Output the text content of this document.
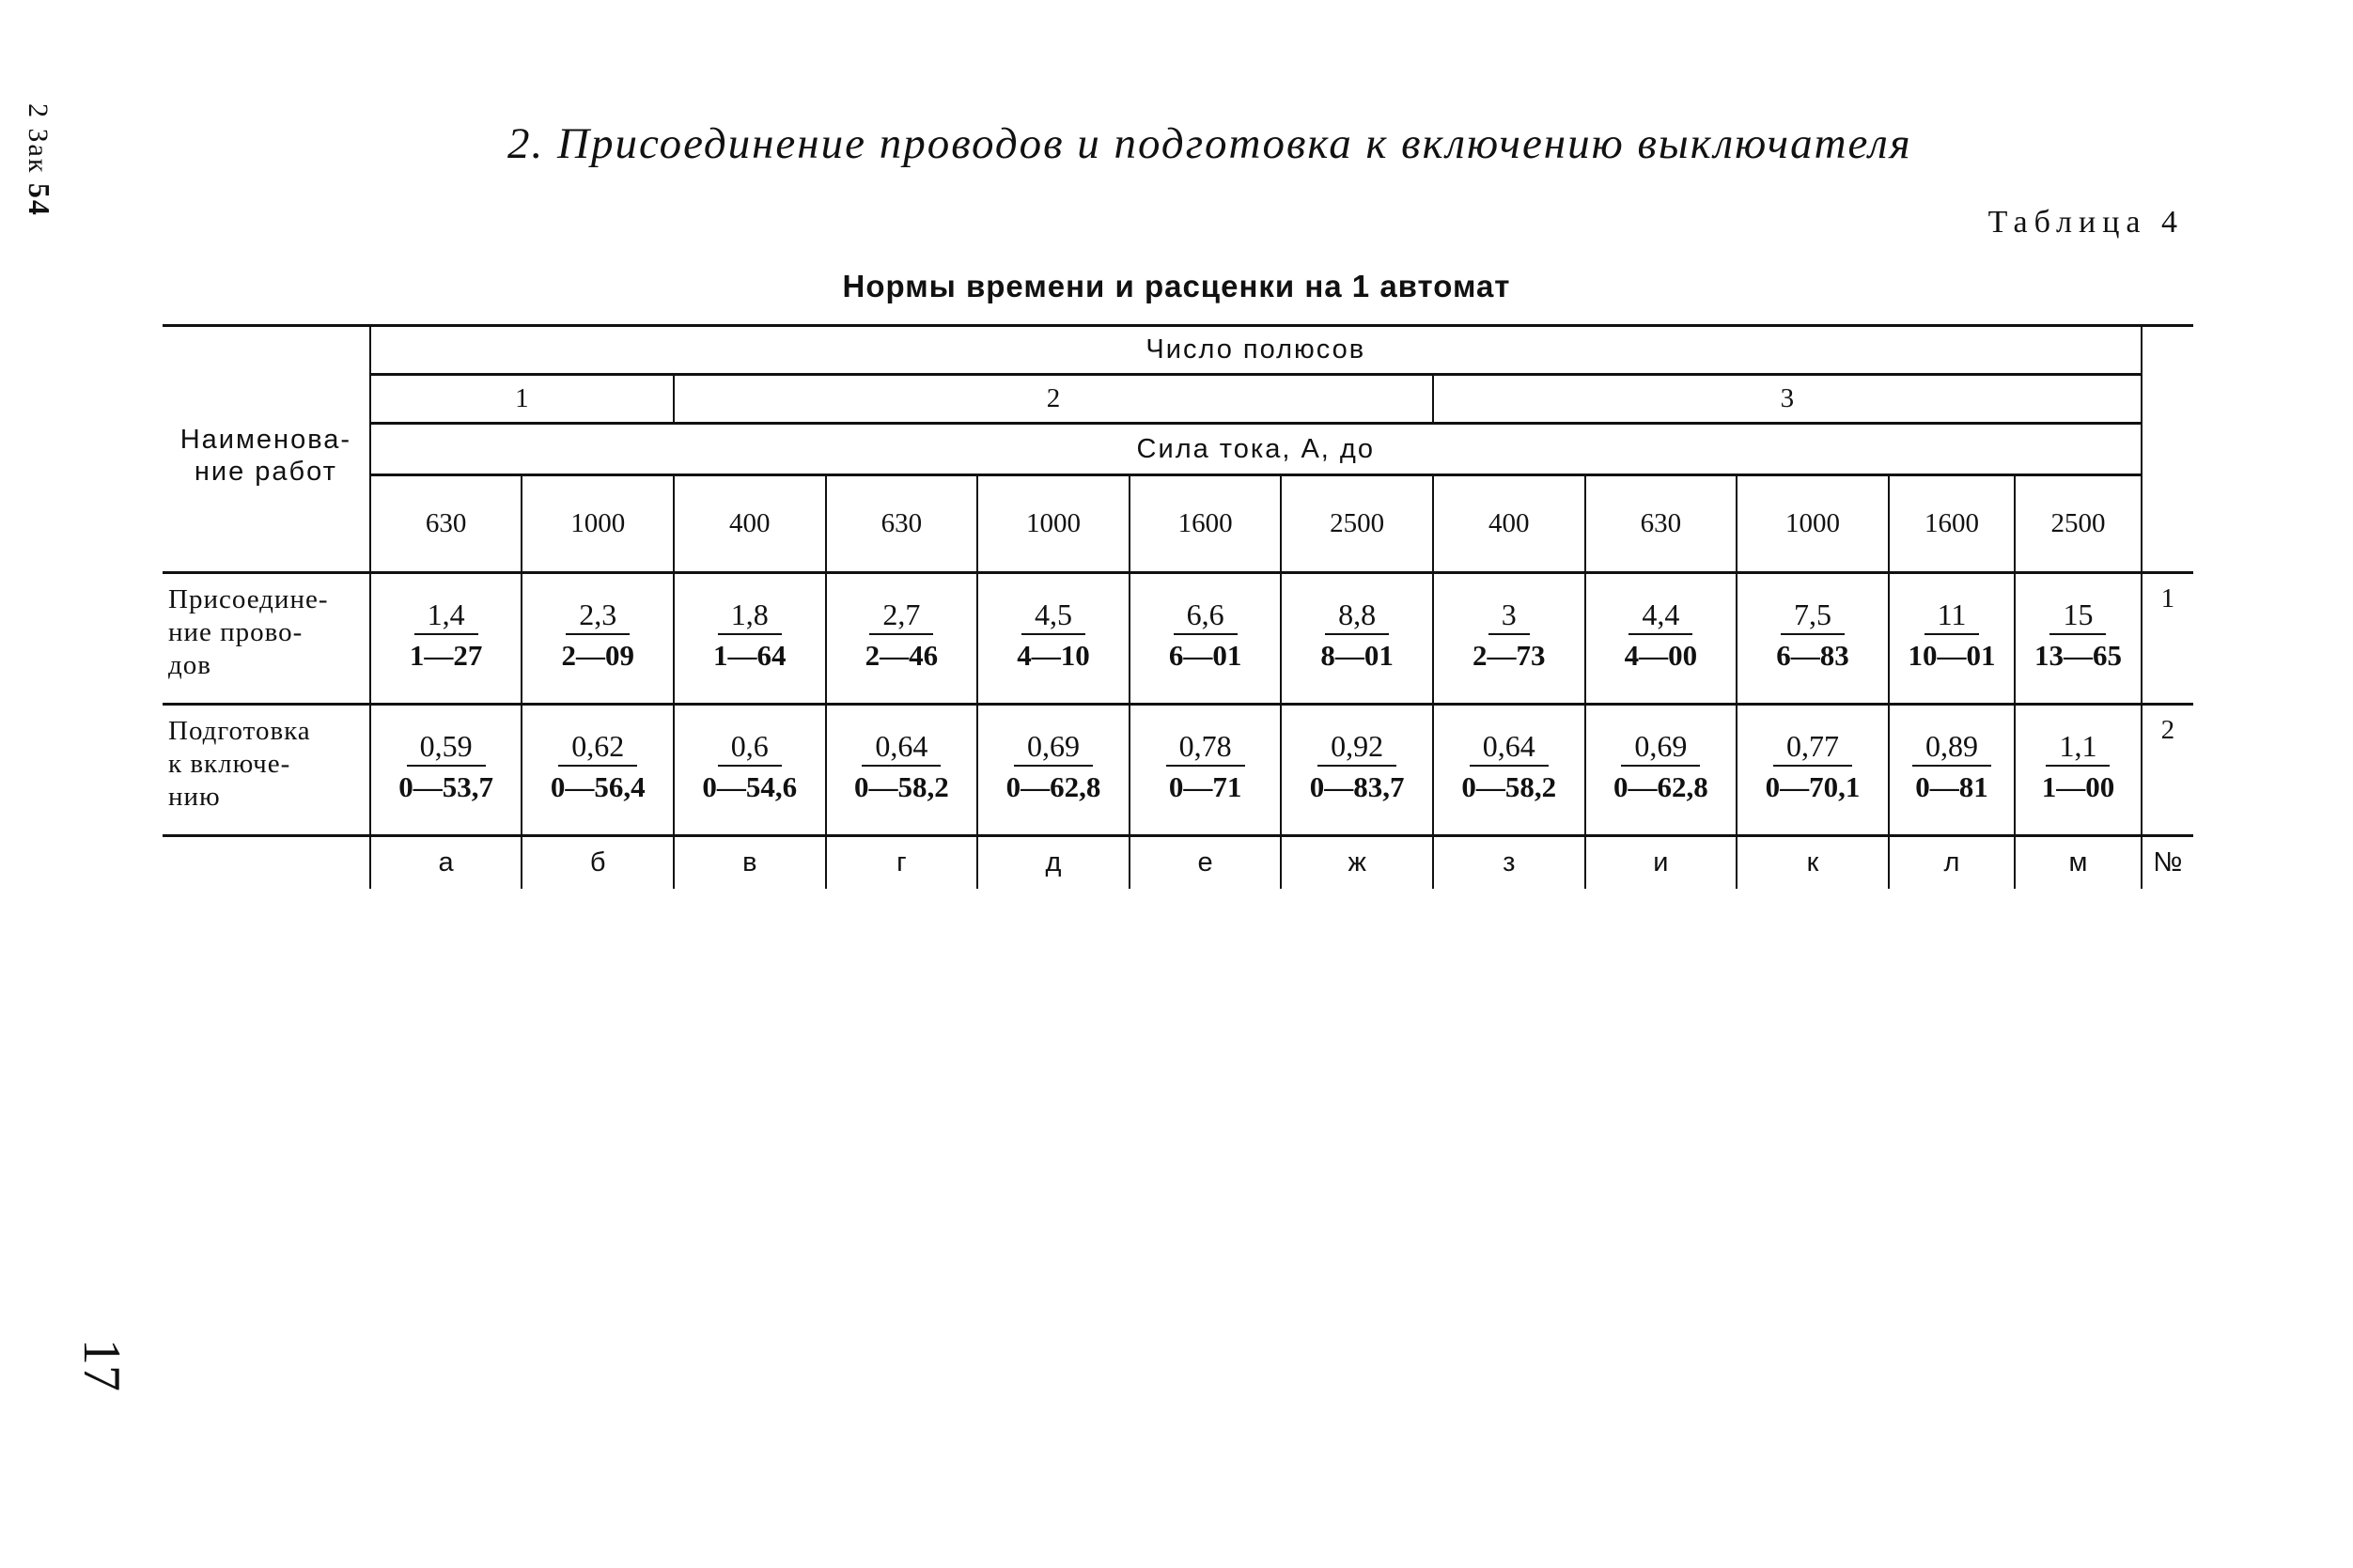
2 Зак 54
17
2. Присоединение проводов и подготовка к включению выключателя
Таблица 4
Нормы времени и расценки на 1 автомат
Наименова-
ние работ	Число полюсов												
	1		2					3					
	Сила тока, А, до												
	630	1000	400	630	1000	1600	2500	400	630	1000	1600	2500	
Присоедине-
ние прово-
дов	$\frac{1,4}{1—27}$	$\frac{2,3}{2—09}$	$\frac{1,8}{1—64}$	$\frac{2,7}{2—46}$	$\frac{4,5}{4—10}$	$\frac{6,6}{6—01}$	$\frac{8,8}{8—01}$	$\frac{3}{2—73}$	$\frac{4,4}{4—00}$	$\frac{7,5}{6—83}$	$\frac{11}{10—01}$	$\frac{15}{13—65}$	1
Подготовка
к включе-
нию	$\frac{0,59}{0—53,7}$	$\frac{0,62}{0—56,4}$	$\frac{0,6}{0—54,6}$	$\frac{0,64}{0—58,2}$	$\frac{0,69}{0—62,8}$	$\frac{0,78}{0—71}$	$\frac{0,92}{0—83,7}$	$\frac{0,64}{0—58,2}$	$\frac{0,69}{0—62,8}$	$\frac{0,77}{0—70,1}$	$\frac{0,89}{0—81}$	$\frac{1,1}{1—00}$	2
	а	б	в	г	д	е	ж	з	и	к	л	м	№
